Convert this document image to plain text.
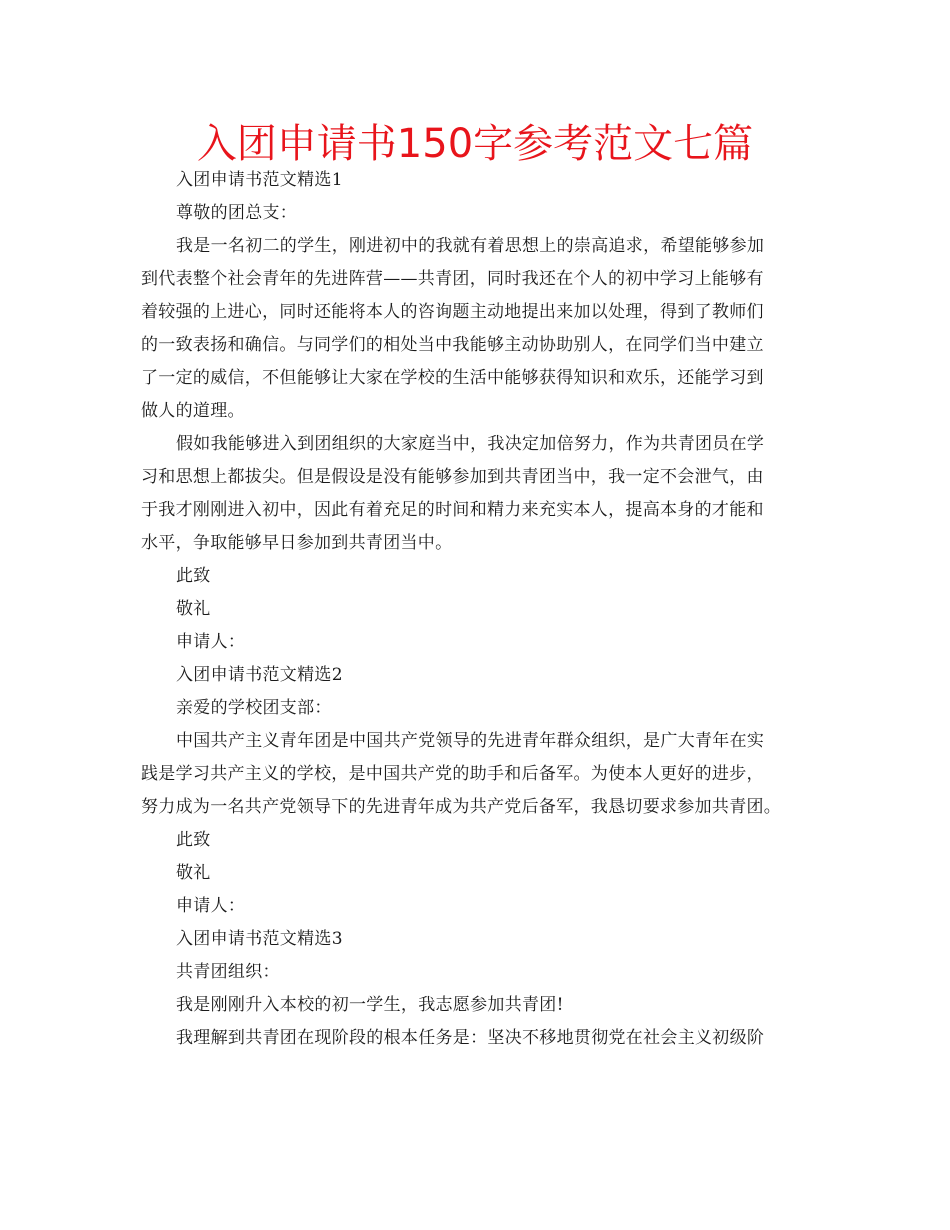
入团申请书150字参考范文七篇

入团申请书范文精选1

尊敬的团总支：

我是一名初二的学生，刚进初中的我就有着思想上的崇高追求，希望能够参加

到代表整个社会青年的先进阵营——共青团，同时我还在个人的初中学习上能够有

着较强的上进心，同时还能将本人的咨询题主动地提出来加以处理，得到了教师们

的一致表扬和确信。与同学们的相处当中我能够主动协助别人，在同学们当中建立

了一定的威信，不但能够让大家在学校的生活中能够获得知识和欢乐，还能学习到

做人的道理。

假如我能够进入到团组织的大家庭当中，我决定加倍努力，作为共青团员在学

习和思想上都拔尖。但是假设是没有能够参加到共青团当中，我一定不会泄气，由

于我才刚刚进入初中，因此有着充足的时间和精力来充实本人，提高本身的才能和

水平，争取能够早日参加到共青团当中。

此致

敬礼

申请人：

入团申请书范文精选2

亲爱的学校团支部：

中国共产主义青年团是中国共产党领导的先进青年群众组织，是广大青年在实

践是学习共产主义的学校，是中国共产党的助手和后备军。为使本人更好的进步，

努力成为一名共产党领导下的先进青年成为共产党后备军，我恳切要求参加共青团。

此致

敬礼

申请人：

入团申请书范文精选3

共青团组织：

我是刚刚升入本校的初一学生，我志愿参加共青团!

我理解到共青团在现阶段的根本任务是：坚决不移地贯彻党在社会主义初级阶
